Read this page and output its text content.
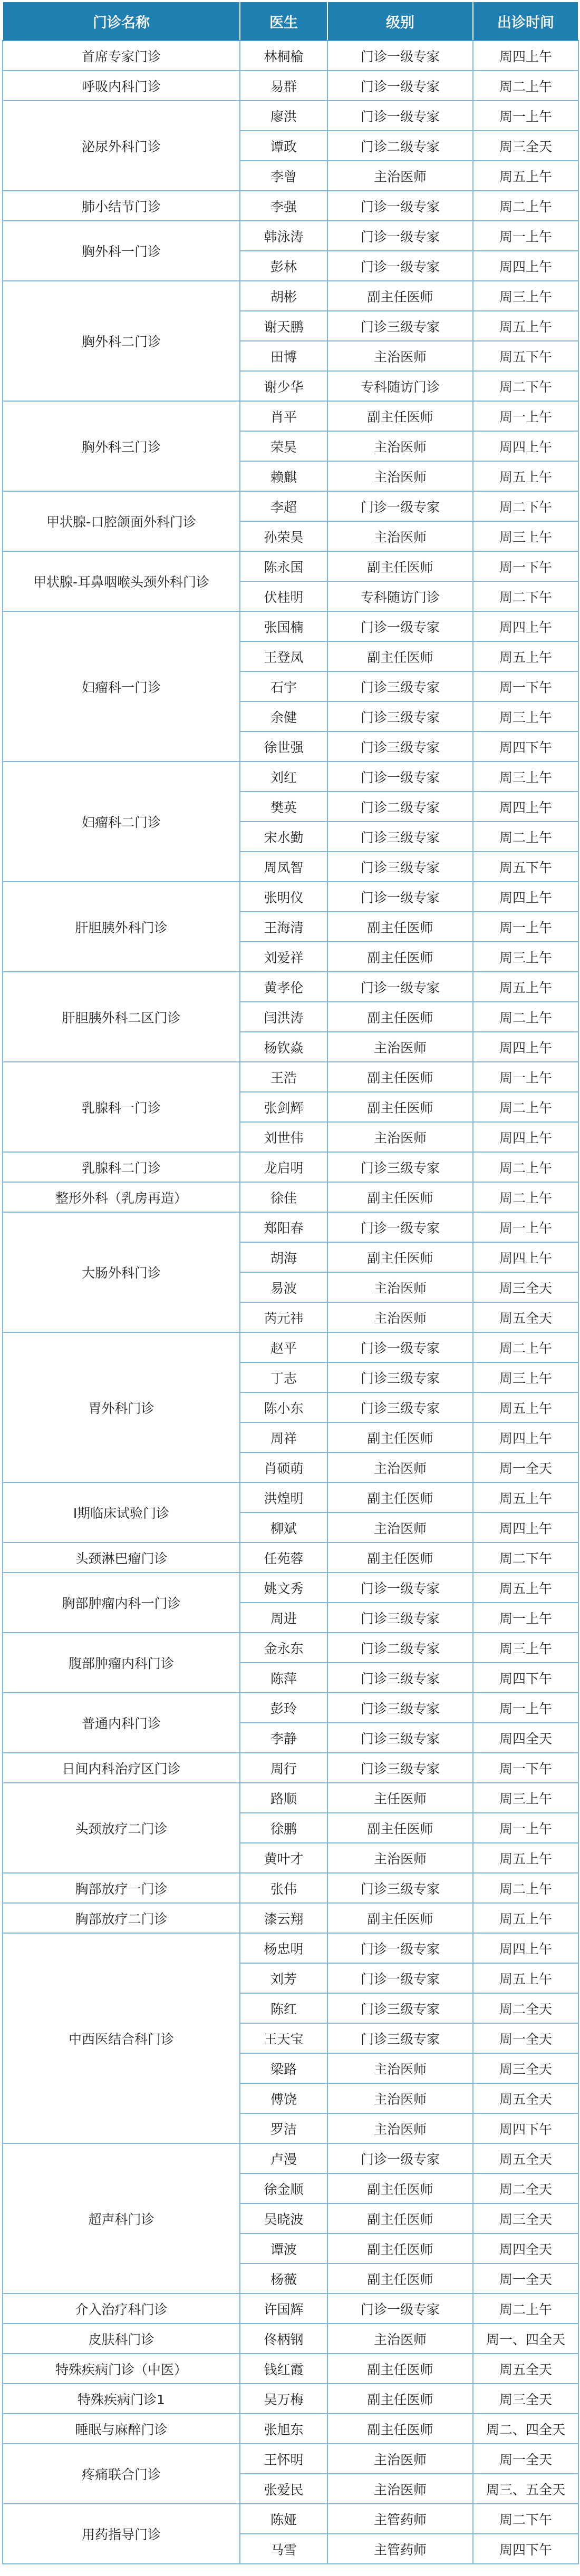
门诊名称	医生	级别	出诊时间
首席专家门诊	林桐榆	门诊一级专家	周四上午
呼吸内科门诊	易群	门诊一级专家	周二上午
泌尿外科门诊	廖洪	门诊一级专家	周一上午
	谭政	门诊二级专家	周三全天
	李曾	主治医师	周五上午
肺小结节门诊	李强	门诊一级专家	周二上午
胸外科一门诊	韩泳涛	门诊一级专家	周一上午
	彭林	门诊一级专家	周四上午
胸外科二门诊	胡彬	副主任医师	周三上午
	谢天鹏	门诊三级专家	周五上午
	田博	主治医师	周五下午
	谢少华	专科随访门诊	周二下午
胸外科三门诊	肖平	副主任医师	周一上午
	荣昊	主治医师	周四上午
	赖麒	主治医师	周五上午
甲状腺-口腔颌面外科门诊	李超	门诊一级专家	周二下午
	孙荣昊	主治医师	周三上午
甲状腺-耳鼻咽喉头颈外科门诊	陈永国	副主任医师	周一下午
	伏桂明	专科随访门诊	周二下午
妇瘤科一门诊	张国楠	门诊一级专家	周四上午
	王登凤	副主任医师	周五上午
	石宇	门诊三级专家	周一下午
	余健	门诊三级专家	周三上午
	徐世强	门诊三级专家	周四下午
妇瘤科二门诊	刘红	门诊一级专家	周三上午
	樊英	门诊二级专家	周四上午
	宋水勤	门诊三级专家	周二上午
	周凤智	门诊三级专家	周五下午
肝胆胰外科门诊	张明仪	门诊一级专家	周四上午
	王海清	副主任医师	周一上午
	刘爱祥	副主任医师	周三上午
肝胆胰外科二区门诊	黄孝伦	门诊一级专家	周五上午
	闫洪涛	副主任医师	周二上午
	杨钦焱	主治医师	周四上午
乳腺科一门诊	王浩	副主任医师	周一上午
	张剑辉	副主任医师	周二上午
	刘世伟	主治医师	周四上午
乳腺科二门诊	龙启明	门诊三级专家	周二上午
整形外科（乳房再造）	徐佳	副主任医师	周二上午
大肠外科门诊	郑阳春	门诊一级专家	周一上午
	胡海	副主任医师	周四上午
	易波	主治医师	周三全天
	芮元祎	主治医师	周五全天
胃外科门诊	赵平	门诊一级专家	周二上午
	丁志	门诊三级专家	周三上午
	陈小东	门诊三级专家	周五上午
	周祥	副主任医师	周四上午
	肖硕萌	主治医师	周一全天
Ⅰ期临床试验门诊	洪煌明	副主任医师	周五上午
	柳斌	主治医师	周四上午
头颈淋巴瘤门诊	任苑蓉	副主任医师	周二下午
胸部肿瘤内科一门诊	姚文秀	门诊一级专家	周五上午
	周进	门诊三级专家	周一上午
腹部肿瘤内科门诊	金永东	门诊二级专家	周三上午
	陈萍	门诊三级专家	周四下午
普通内科门诊	彭玲	门诊三级专家	周一上午
	李静	门诊三级专家	周四全天
日间内科治疗区门诊	周行	门诊三级专家	周一下午
头颈放疗二门诊	路顺	主任医师	周三上午
	徐鹏	副主任医师	周一上午
	黄叶才	主治医师	周五上午
胸部放疗一门诊	张伟	门诊三级专家	周二上午
胸部放疗二门诊	漆云翔	副主任医师	周五上午
中西医结合科门诊	杨忠明	门诊一级专家	周四上午
	刘芳	门诊一级专家	周五上午
	陈红	门诊三级专家	周二全天
	王天宝	门诊三级专家	周一全天
	梁路	主治医师	周三全天
	傅饶	主治医师	周五全天
	罗洁	主治医师	周四下午
超声科门诊	卢漫	门诊一级专家	周五全天
	徐金顺	副主任医师	周二全天
	吴晓波	副主任医师	周三全天
	谭波	副主任医师	周四全天
	杨薇	副主任医师	周一全天
介入治疗科门诊	许国辉	门诊一级专家	周二上午
皮肤科门诊	佟柄钢	主治医师	周一、四全天
特殊疾病门诊（中医）	钱红霞	副主任医师	周五全天
特殊疾病门诊1	吴万梅	副主任医师	周三全天
睡眠与麻醉门诊	张旭东	副主任医师	周二、四全天
疼痛联合门诊	王怀明	主治医师	周一全天
	张爱民	主治医师	周三、五全天
用药指导门诊	陈娅	主管药师	周二下午
	马雪	主管药师	周四下午
